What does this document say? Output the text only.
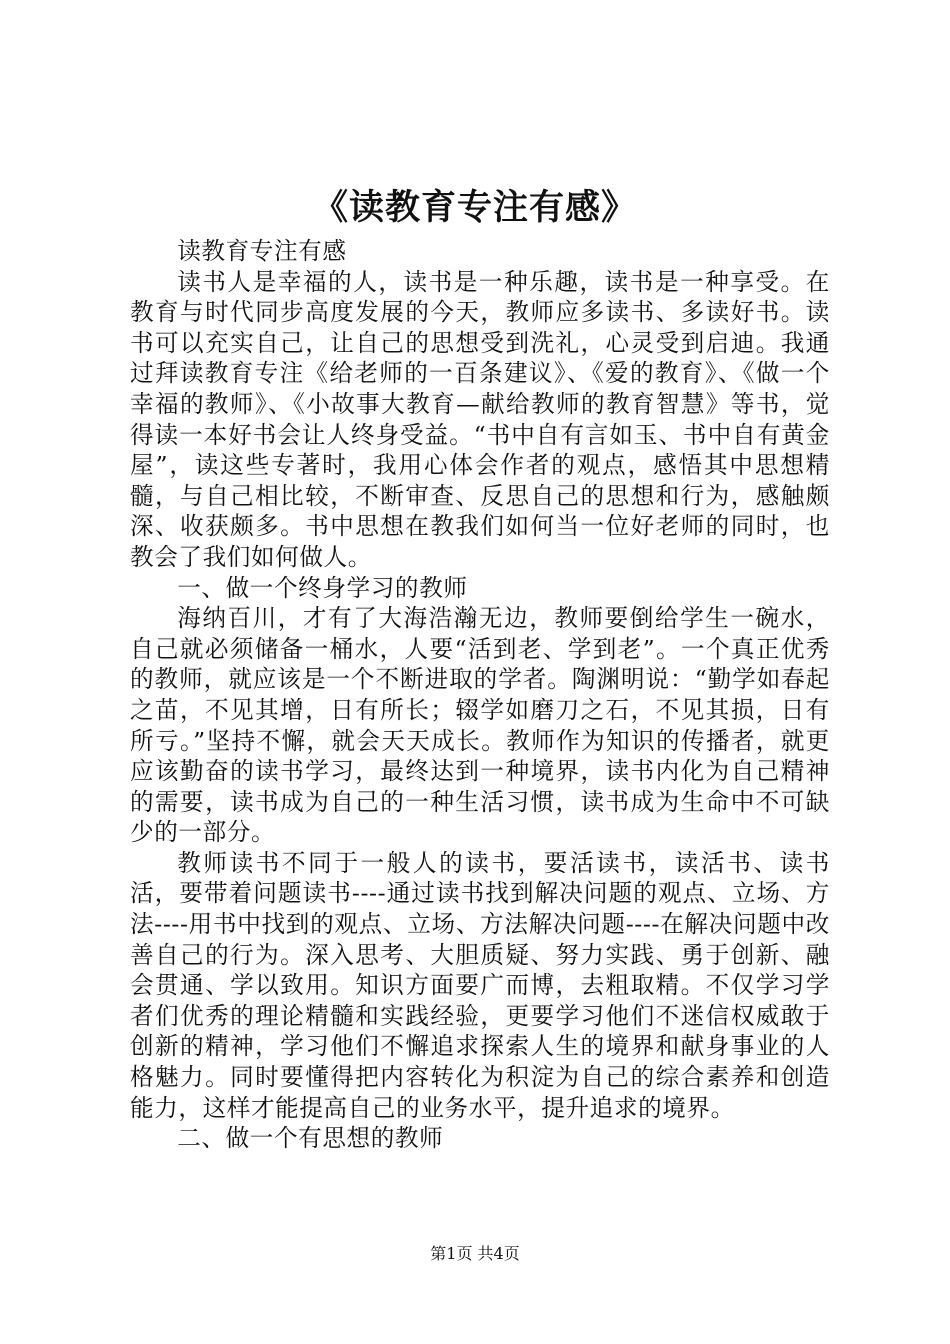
《读教育专注有感》

读教育专注有感

读书人是幸福的人，读书是一种乐趣，读书是一种享受。在教育与时代同步高度发展的今天，教师应多读书、多读好书。读书可以充实自己，让自己的思想受到洗礼，心灵受到启迪。我通过拜读教育专注《给老师的一百条建议》、《爱的教育》、《做一个幸福的教师》、《小故事大教育—献给教师的教育智慧》等书，觉得读一本好书会让人终身受益。“书中自有言如玉、书中自有黄金屋”，读这些专著时，我用心体会作者的观点，感悟其中思想精髓，与自己相比较，不断审查、反思自己的思想和行为，感触颇深、收获颇多。书中思想在教我们如何当一位好老师的同时，也教会了我们如何做人。

一、做一个终身学习的教师

海纳百川，才有了大海浩瀚无边，教师要倒给学生一碗水，自己就必须储备一桶水，人要“活到老、学到老”。一个真正优秀的教师，就应该是一个不断进取的学者。陶渊明说：“勤学如春起之苗，不见其增，日有所长；辍学如磨刀之石，不见其损，日有所亏。”坚持不懈，就会天天成长。教师作为知识的传播者，就更应该勤奋的读书学习，最终达到一种境界，读书内化为自己精神的需要，读书成为自己的一种生活习惯，读书成为生命中不可缺少的一部分。

教师读书不同于一般人的读书，要活读书，读活书、读书活，要带着问题读书----通过读书找到解决问题的观点、立场、方法----用书中找到的观点、立场、方法解决问题----在解决问题中改善自己的行为。深入思考、大胆质疑、努力实践、勇于创新、融会贯通、学以致用。知识方面要广而博，去粗取精。不仅学习学者们优秀的理论精髓和实践经验，更要学习他们不迷信权威敢于创新的精神，学习他们不懈追求探索人生的境界和献身事业的人格魅力。同时要懂得把内容转化为积淀为自己的综合素养和创造能力，这样才能提高自己的业务水平，提升追求的境界。

二、做一个有思想的教师

第1页 共4页
